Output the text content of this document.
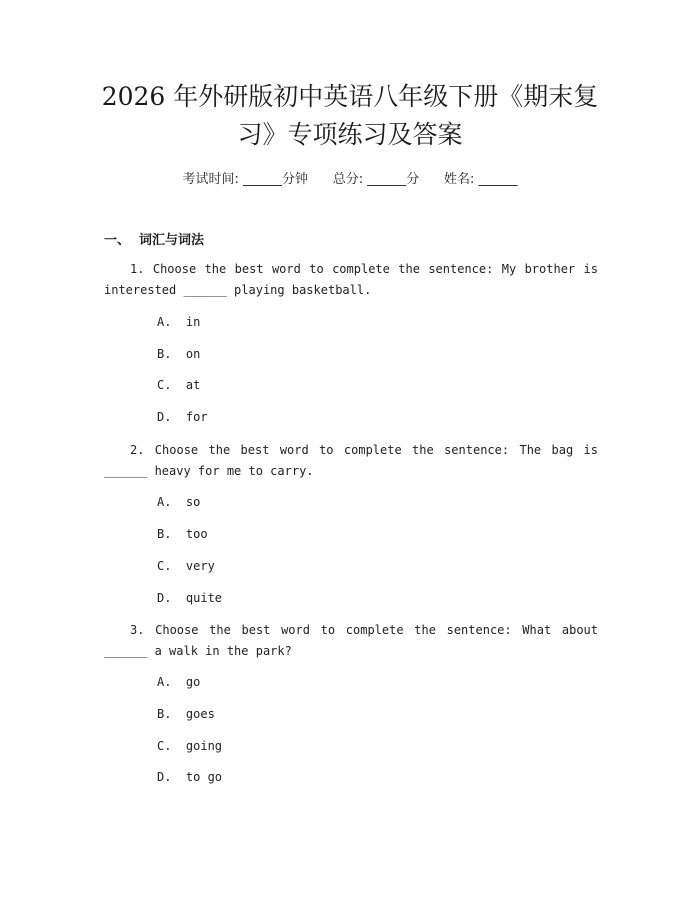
2026 年外研版初中英语八年级下册《期末复习》专项练习及答案
考试时间: ______分钟      总分: ______分      姓名: ______
一、  词汇与词法
1. Choose the best word to complete the sentence: My brother is interested ______ playing basketball.
A.  in
B.  on
C.  at
D.  for
2. Choose the best word to complete the sentence: The bag is ______ heavy for me to carry.
A.  so
B.  too
C.  very
D.  quite
3. Choose the best word to complete the sentence: What about ______ a walk in the park?
A.  go
B.  goes
C.  going
D.  to go
